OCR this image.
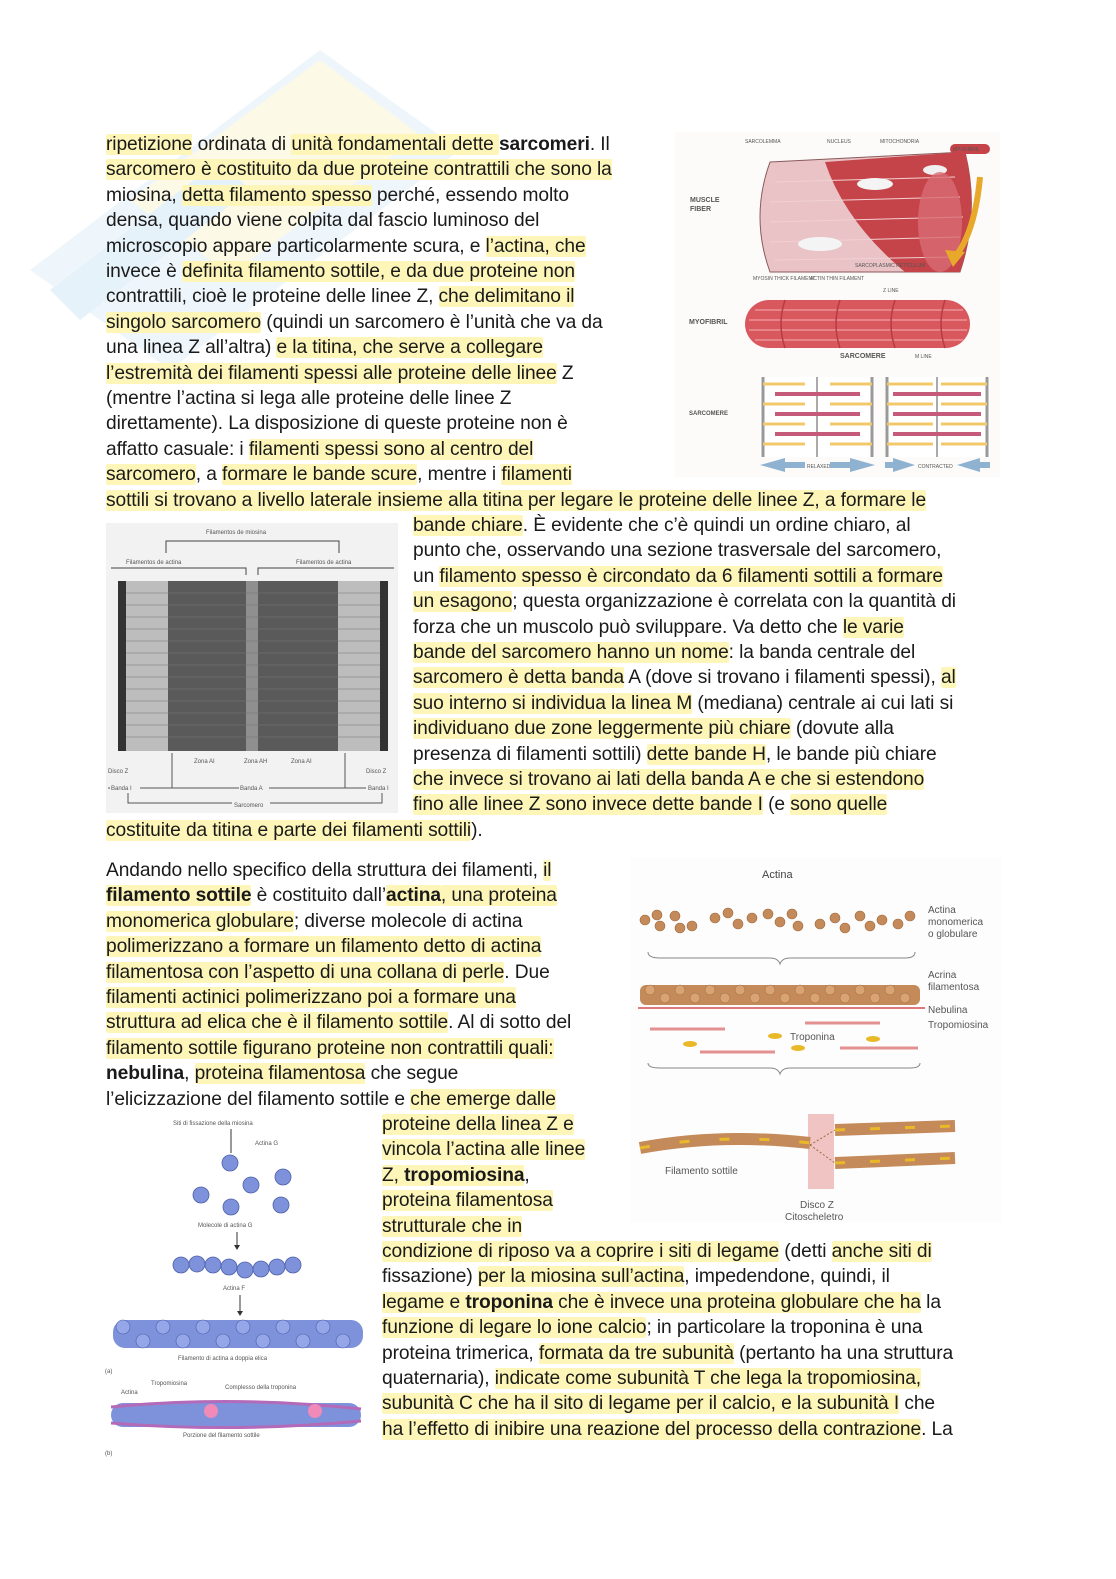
ripetizione ordinata di unità fondamentali dette sarcomeri. Il
sarcomero è costituito da due proteine contrattili che sono la
miosina, detta filamento spesso perché, essendo molto
densa, quando viene colpita dal fascio luminoso del
microscopio appare particolarmente scura, e l’actina, che
invece è definita filamento sottile, e da due proteine non
contrattili, cioè le proteine delle linee Z, che delimitano il
singolo sarcomero (quindi un sarcomero è l’unità che va da
una linea Z all’altra) e la titina, che serve a collegare
l’estremità dei filamenti spessi alle proteine delle linee Z
(mentre l’actina si lega alle proteine delle linee Z
direttamente). La disposizione di queste proteine non è
affatto casuale: i filamenti spessi sono al centro del
sarcomero, a formare le bande scure, mentre i filamenti
sottili si trovano a livello laterale insieme alla titina per legare le proteine delle linee Z, a formare le
MUSCLE
FIBER
SARCOLEMMA	NUCLEUS	MITOCHONDRIA
MYOFIBRIL
SARCOPLASMIC RETICULUM
MYOSIN THICK FILAMENT
ACTIN THIN FILAMENT
Z LINE
MYOFIBRIL
SARCOMERE	M LINE
SARCOMERE
RELAXED	CONTRACTED
Filamentos de miosina
Filamentos de actina	Filamentos de actina
Disco Z	Disco Z
Zona AI	Zona AH	Zona AI
Banda I	Banda A	Banda I
Sarcomero
bande chiare. È evidente che c’è quindi un ordine chiaro, al
punto che, osservando una sezione trasversale del sarcomero,
un filamento spesso è circondato da 6 filamenti sottili a formare
un esagono; questa organizzazione è correlata con la quantità di
forza che un muscolo può sviluppare. Va detto che le varie
bande del sarcomero hanno un nome: la banda centrale del
sarcomero è detta banda A (dove si trovano i filamenti spessi), al
suo interno si individua la linea M (mediana) centrale ai cui lati si
individuano due zone leggermente più chiare (dovute alla
presenza di filamenti sottili) dette bande H, le bande più chiare
che invece si trovano ai lati della banda A e che si estendono
fino alle linee Z sono invece dette bande I (e sono quelle
costituite da titina e parte dei filamenti sottili).
Andando nello specifico della struttura dei filamenti, il
filamento sottile è costituito dall’actina, una proteina
monomerica globulare; diverse molecole di actina
polimerizzano a formare un filamento detto di actina
filamentosa con l’aspetto di una collana di perle. Due
filamenti actinici polimerizzano poi a formare una
struttura ad elica che è il filamento sottile. Al di sotto del
filamento sottile figurano proteine non contrattili quali:
nebulina, proteina filamentosa che segue
l’elicizzazione del filamento sottile e che emerge dalle
proteine della linea Z e
vincola l’actina alle linee
Z, tropomiosina,
proteina filamentosa
strutturale che in
condizione di riposo va a coprire i siti di legame (detti anche siti di
fissazione) per la miosina sull’actina, impedendone, quindi, il
legame e troponina che è invece una proteina globulare che ha la
funzione di legare lo ione calcio; in particolare la troponina è una
proteina trimerica, formata da tre subunità (pertanto ha una struttura
quaternaria), indicate come subunità T che lega la tropomiosina,
subunità C che ha il sito di legame per il calcio, e la subunità I che
ha l’effetto di inibire una reazione del processo della contrazione. La
Actina
Actina
monomerica
o globulare
Acrina
filamentosa
Nebulina
Tropomiosina
Troponina
Filamento sottile
Disco Z
Citoscheletro
Siti di fissazione della miosina
Actina G
Molecole di actina G
Actina F
Filamento di actina a doppia elica
(a)
Tropomiosina
Actina
Complesso della troponina
Porzione del filamento sottile
(b)
